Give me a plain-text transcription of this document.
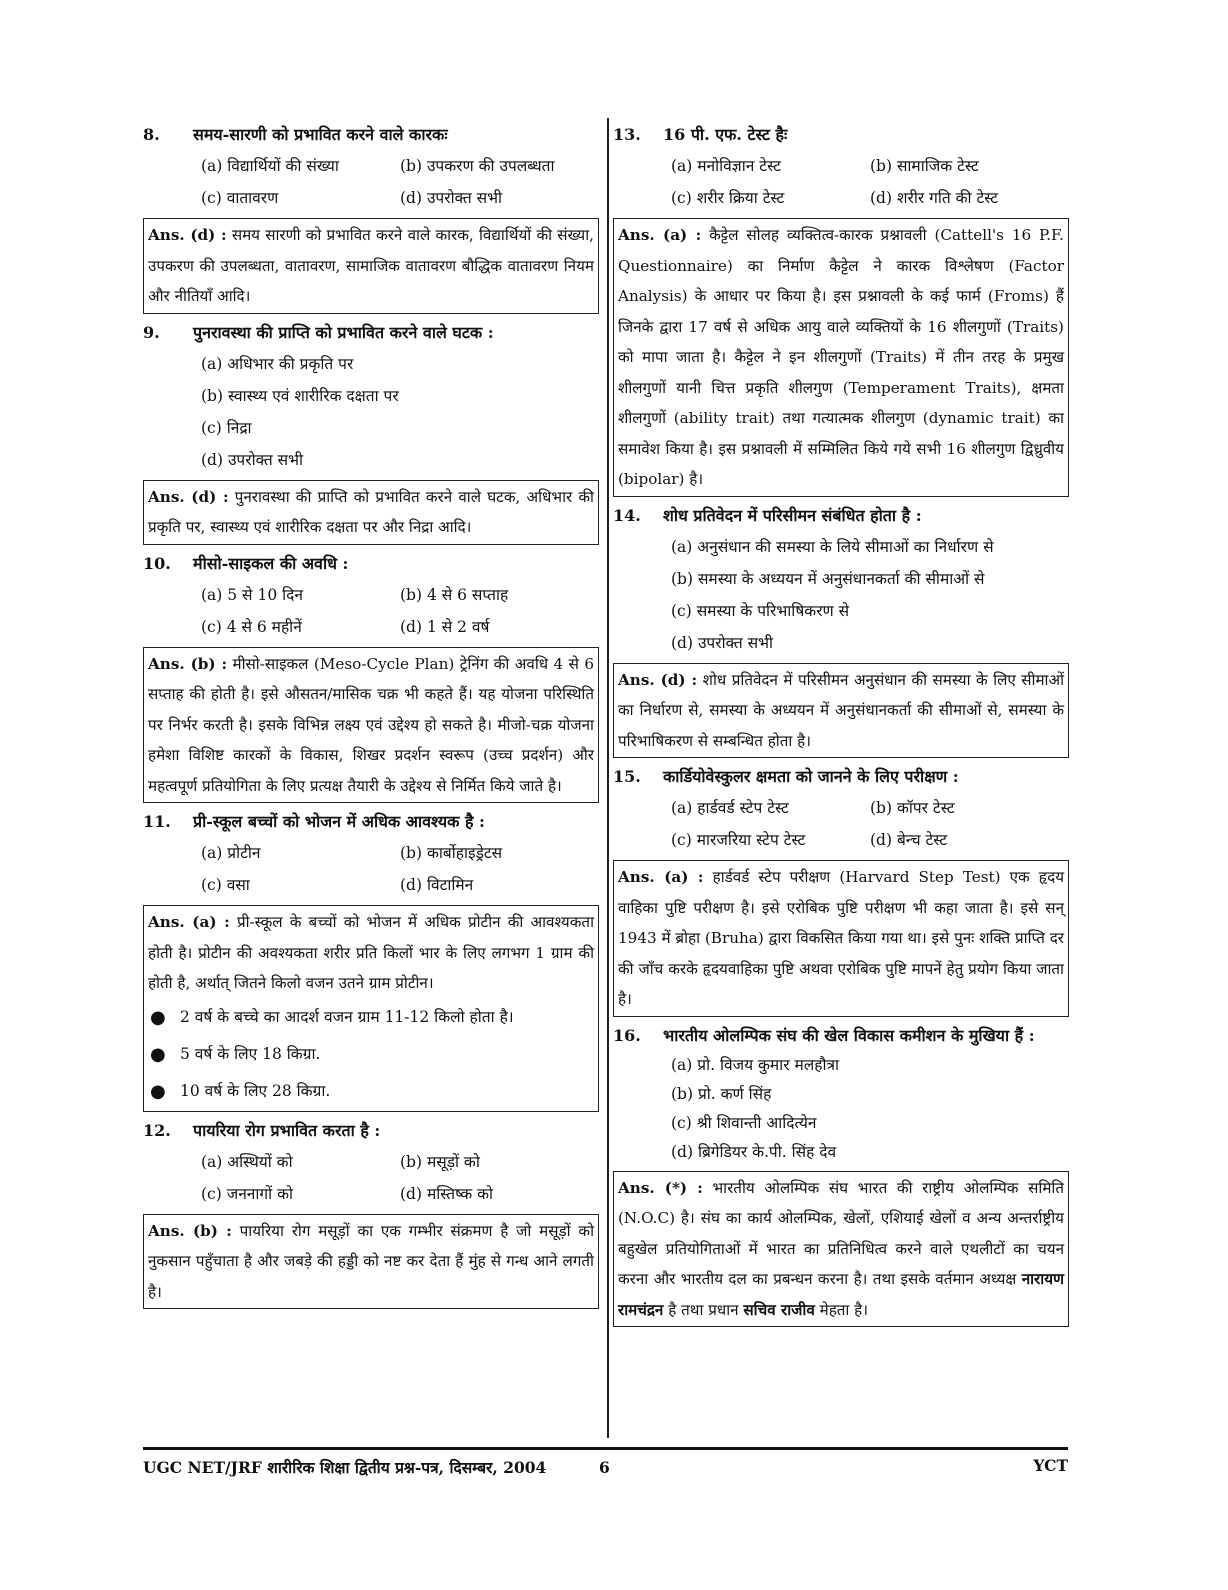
8.	समय-सारणी को प्रभावित करने वाले कारकः
(a) विद्यार्थियों की संख्या	(b) उपकरण की उपलब्धता
(c) वातावरण	(d) उपरोक्त सभी
Ans. (d) : समय सारणी को प्रभावित करने वाले कारक, विद्यार्थियों की संख्या, उपकरण की उपलब्धता, वातावरण, सामाजिक वातावरण बौद्धिक वातावरण नियम और नीतियाँ आदि।
9.	पुनरावस्था की प्राप्ति को प्रभावित करने वाले घटक :
(a) अधिभार की प्रकृति पर
(b) स्वास्थ्य एवं शारीरिक दक्षता पर
(c) निद्रा
(d) उपरोक्त सभी
Ans. (d) : पुनरावस्था की प्राप्ति को प्रभावित करने वाले घटक, अधिभार की प्रकृति पर, स्वास्थ्य एवं शारीरिक दक्षता पर और निद्रा आदि।
10.	मीसो-साइकल की अवधि :
(a) 5 से 10 दिन	(b) 4 से 6 सप्ताह
(c) 4 से 6 महीनें	(d) 1 से 2 वर्ष
Ans. (b) : मीसो-साइकल (Meso-Cycle Plan) ट्रेनिंग की अवधि 4 से 6 सप्ताह की होती है। इसे औसतन/मासिक चक्र भी कहते हैं। यह योजना परिस्थिति पर निर्भर करती है। इसके विभिन्न लक्ष्य एवं उद्देश्य हो सकते है। मीजो-चक्र योजना हमेशा विशिष्ट कारकों के विकास, शिखर प्रदर्शन स्वरूप (उच्च प्रदर्शन) और महत्वपूर्ण प्रतियोगिता के लिए प्रत्यक्ष तैयारी के उद्देश्य से निर्मित किये जाते है।
11.	प्री-स्कूल बच्चों को भोजन में अधिक आवश्यक है :
(a) प्रोटीन	(b) कार्बोहाइड्रेटस
(c) वसा	(d) विटामिन
Ans. (a) : प्री-स्कूल के बच्चों को भोजन में अधिक प्रोटीन की आवश्यकता होती है। प्रोटीन की अवश्यकता शरीर प्रति किलों भार के लिए लगभग 1 ग्राम की होती है, अर्थात् जितने किलो वजन उतने ग्राम प्रोटीन।
● 2 वर्ष के बच्चे का आदर्श वजन ग्राम 11-12 किलो होता है।
● 5 वर्ष के लिए 18 किग्रा.
● 10 वर्ष के लिए 28 किग्रा.
12.	पायरिया रोग प्रभावित करता है :
(a) अस्थियों को	(b) मसूड़ों को
(c) जननागों को	(d) मस्तिष्क को
Ans. (b) : पायरिया रोग मसूड़ों का एक गम्भीर संक्रमण है जो मसूड़ों को नुकसान पहुँचाता है और जबड़े की हड्डी को नष्ट कर देता हैं मुंह से गन्ध आने लगती है।
13.	16 पी. एफ. टेस्ट हैः
(a) मनोविज्ञान टेस्ट	(b) सामाजिक टेस्ट
(c) शरीर क्रिया टेस्ट	(d) शरीर गति की टेस्ट
Ans. (a) : कैट्टेल सोलह व्यक्तित्व-कारक प्रश्नावली (Cattell's 16 P.F. Questionnaire) का निर्माण कैट्टेल ने कारक विश्लेषण (Factor Analysis) के आधार पर किया है। इस प्रश्नावली के कई फार्म (Froms) हैं जिनके द्वारा 17 वर्ष से अधिक आयु वाले व्यक्तियों के 16 शीलगुणों (Traits) को मापा जाता है। कैट्टेल ने इन शीलगुणों (Traits) में तीन तरह के प्रमुख शीलगुणों यानी चित्त प्रकृति शीलगुण (Temperament Traits), क्षमता शीलगुणों (ability trait) तथा गत्यात्मक शीलगुण (dynamic trait) का समावेश किया है। इस प्रश्नावली में सम्मिलित किये गये सभी 16 शीलगुण द्विध्रुवीय (bipolar) है।
14.	शोध प्रतिवेदन में परिसीमन संबंधित होता है :
(a) अनुसंधान की समस्या के लिये सीमाओं का निर्धारण से
(b) समस्या के अध्ययन में अनुसंधानकर्ता की सीमाओं से
(c) समस्या के परिभाषिकरण से
(d) उपरोक्त सभी
Ans. (d) : शोध प्रतिवेदन में परिसीमन अनुसंधान की समस्या के लिए सीमाओं का निर्धारण से, समस्या के अध्ययन में अनुसंधानकर्ता की सीमाओं से, समस्या के परिभाषिकरण से सम्बन्धित होता है।
15.	कार्डियोवेस्कुलर क्षमता को जानने के लिए परीक्षण :
(a) हार्डवर्ड स्टेप टेस्ट	(b) कॉपर टेस्ट
(c) मारजरिया स्टेप टेस्ट	(d) बेन्च टेस्ट
Ans. (a) : हार्डवर्ड स्टेप परीक्षण (Harvard Step Test) एक हृदय वाहिका पुष्टि परीक्षण है। इसे एरोबिक पुष्टि परीक्षण भी कहा जाता है। इसे सन् 1943 में ब्रोहा (Bruha) द्वारा विकसित किया गया था। इसे पुनः शक्ति प्राप्ति दर की जाँच करके हृदयवाहिका पुष्टि अथवा एरोबिक पुष्टि मापनें हेतु प्रयोग किया जाता है।
16.	भारतीय ओलम्पिक संघ की खेल विकास कमीशन के मुखिया हैं :
(a) प्रो. विजय कुमार मलहौत्रा
(b) प्रो. कर्ण सिंह
(c) श्री शिवान्ती आदित्येन
(d) ब्रिगेडियर के.पी. सिंह देव
Ans. (*) : भारतीय ओलम्पिक संघ भारत की राष्ट्रीय ओलम्पिक समिति (N.O.C) है। संघ का कार्य ओलम्पिक, खेलों, एशियाई खेलों व अन्य अन्तर्राष्ट्रीय बहुखेल प्रतियोगिताओं में भारत का प्रतिनिधित्व करने वाले एथलीटों का चयन करना और भारतीय दल का प्रबन्धन करना है। तथा इसके वर्तमान अध्यक्ष नारायण रामचंद्रन है तथा प्रधान सचिव राजीव मेहता है।
UGC NET/JRF शारीरिक शिक्षा द्वितीय प्रश्न-पत्र, दिसम्बर, 2004	6	YCT
